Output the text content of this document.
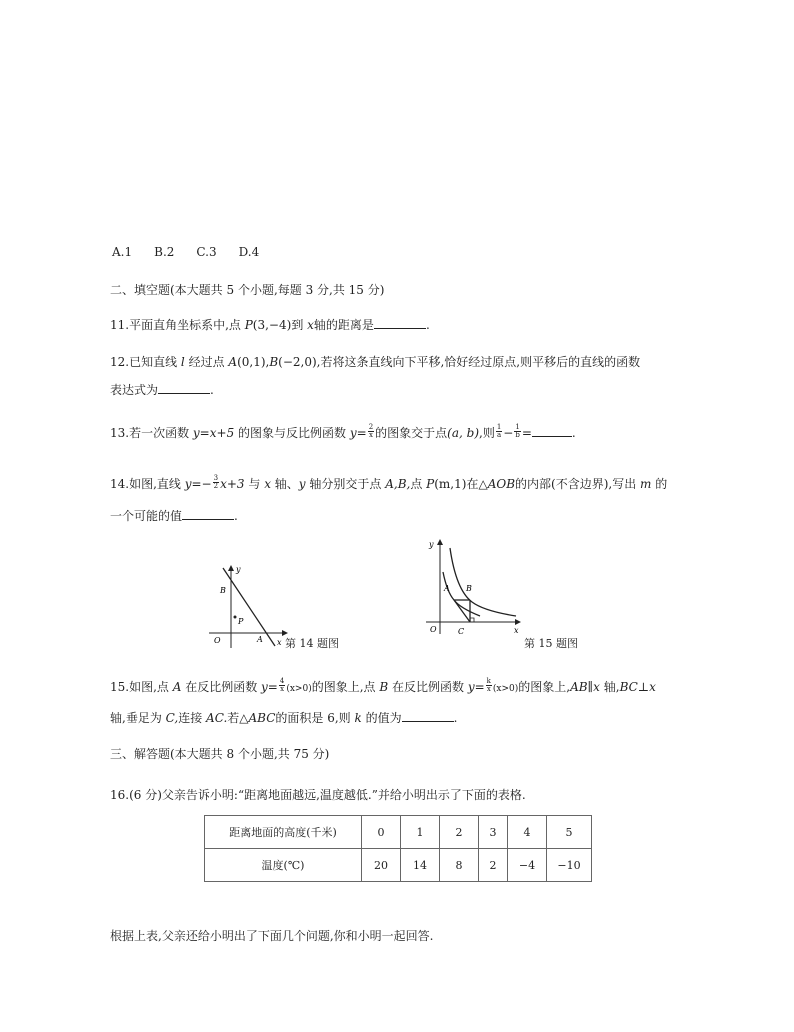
A.1 B.2 C.3 D.4
二、填空题(本大题共 5 个小题,每题 3 分,共 15 分)
11.平面直角坐标系中,点 P(3,−4)到 x轴的距离是	.
12.已知直线 l 经过点 A(0,1),B(−2,0),若将这条直线向下平移,恰好经过原点,则平移后的直线的函数
表达式为	.
13.若一次函数 y=x+5 的图象与反比例函数 $y= \frac{2}{x}$ 的图象交于点(a, b),则 $\frac{1}{a} - \frac{1}{b}$ =	.
14.如图,直线 $y=- \frac{3}{2} x+3$ 与 x 轴、y 轴分别交于点 A,B,点 P(m,1)在△AOB的内部(不含边界),写出 m 的
一个可能的值	.
y
B
P
O	A x 第 14 题图
y
A B
O	C	x
第 15 题图
15.如图,点 A 在反比例函数 $y= \frac{4}{x} (x>0)$的图象上,点 B 在反比例函数 $y= \frac{k}{x} (x>0)$的图象上,AB∥x 轴,BC⊥x
轴,垂足为 C,连接 AC.若△ABC的面积是 6,则 k 的值为	.
三、解答题(本大题共 8 个小题,共 75 分)
16.(6 分)父亲告诉小明:“距离地面越远,温度越低.”并给小明出示了下面的表格.
距离地面的高度(千米)	0	1	2	3	4	5
温度(℃)	20	14	8	2	−4	−10
根据上表,父亲还给小明出了下面几个问题,你和小明一起回答.
